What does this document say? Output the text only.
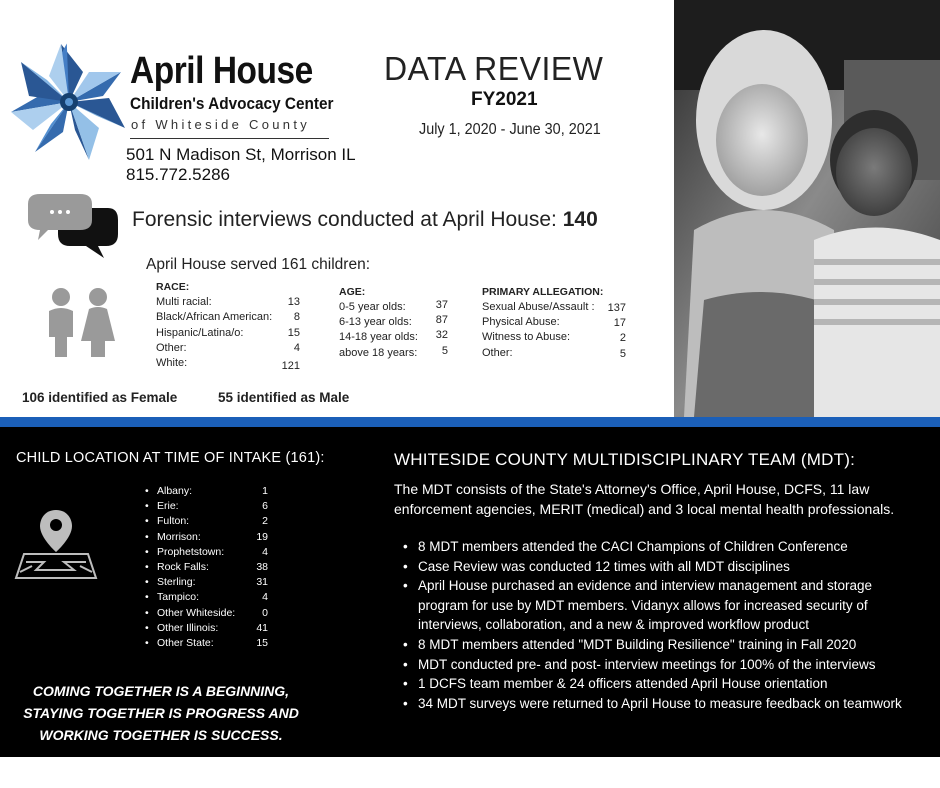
April House
Children's Advocacy Center
of Whiteside County
501 N Madison St, Morrison IL
815.772.5286
DATA REVIEW
FY2021
July 1, 2020 - June 30, 2021
Forensic interviews conducted at April House: 140
April House served 161 children:
RACE:
Multi racial:	13
Black/African American: 8
Hispanic/Latina/o:	15
Other:	4
White:	121
AGE:
0-5 year olds:	37
6-13 year olds: 87
14-18 year olds: 32
above 18 years: 5
PRIMARY ALLEGATION:
Sexual Abuse/Assault : 137
Physical Abuse:	17
Witness to Abuse:	2
Other:	5
106 identified as Female	55 identified as Male
CHILD LOCATION AT TIME OF INTAKE (161):
• Albany:	1
• Erie:	6
• Fulton:	2
• Morrison:	19
• Prophetstown:	4
• Rock Falls:	38
• Sterling:	31
• Tampico:	4
• Other Whiteside:	0
• Other Illinois:	41
• Other State:	15
COMING TOGETHER IS A BEGINNING,
STAYING TOGETHER IS PROGRESS AND
WORKING TOGETHER IS SUCCESS.
WHITESIDE COUNTY MULTIDISCIPLINARY TEAM (MDT):
The MDT consists of the State's Attorney's Office, April House, DCFS, 11 law enforcement agencies, MERIT (medical) and 3 local mental health professionals.
• 8 MDT members attended the CACI Champions of Children Conference
• Case Review was conducted 12 times with all MDT disciplines
• April House purchased an evidence and interview management and storage program for use by MDT members. Vidanyx allows for increased security of interviews, collaboration, and a new & improved workflow product
• 8 MDT members attended "MDT Building Resilience" training in Fall 2020
• MDT conducted pre- and post- interview meetings for 100% of the interviews
• 1 DCFS team member & 24 officers attended April House orientation
• 34 MDT surveys were returned to April House to measure feedback on teamwork
